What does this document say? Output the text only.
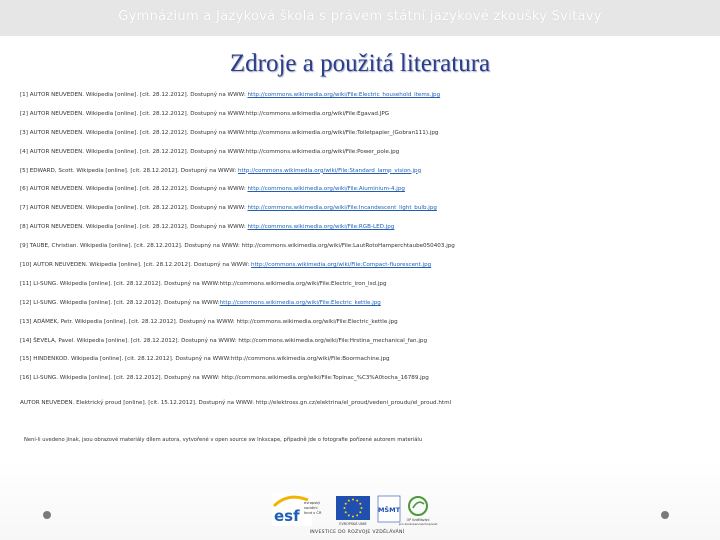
Gymnázium a Jazyková škola s právem státní jazykové zkoušky Svitavy
Zdroje a použitá literatura
[1] AUTOR NEUVEDEN. Wikipedia [online]. [cit. 28.12.2012]. Dostupný na WWW: http://commons.wikimedia.org/wiki/File:Electric_household_items.jpg
[2] AUTOR NEUVEDEN. Wikipedia [online]. [cit. 28.12.2012]. Dostupný na WWW:http://commons.wikimedia.org/wiki/File:Egavad.JPG
[3] AUTOR NEUVEDEN. Wikipedia [online]. [cit. 28.12.2012]. Dostupný na WWW:http://commons.wikimedia.org/wiki/File:Toiletpapier_(Gobran111).jpg
[4] AUTOR NEUVEDEN. Wikipedia [online]. [cit. 28.12.2012]. Dostupný na WWW:http://commons.wikimedia.org/wiki/File:Power_pole.jpg
[5] EDWARD, Scott. Wikipedia [online]. [cit. 28.12.2012]. Dostupný na WWW: http://commons.wikimedia.org/wiki/File:Standard_lamp_vision.jpg
[6] AUTOR NEUVEDEN. Wikipedia [online]. [cit. 28.12.2012]. Dostupný na WWW: http://commons.wikimedia.org/wiki/File:Aluminium-4.jpg
[7] AUTOR NEUVEDEN. Wikipedia [online]. [cit. 28.12.2012]. Dostupný na WWW: http://commons.wikimedia.org/wiki/File:Incandescent_light_bulb.jpg
[8] AUTOR NEUVEDEN. Wikipedia [online]. [cit. 28.12.2012]. Dostupný na WWW: http://commons.wikimedia.org/wiki/File:RGB-LED.jpg
[9] TAUBE, Christian. Wikipedia [online]. [cit. 28.12.2012]. Dostupný na WWW: http://commons.wikimedia.org/wiki/File:LautRotoHamperchtaube050403.jpg
[10] AUTOR NEUVEDEN. Wikipedia [online]. [cit. 28.12.2012]. Dostupný na WWW: http://commons.wikimedia.org/wiki/File:Compact-fluorescent.jpg
[11] LI-SUNG. Wikipedia [online]. [cit. 28.12.2012]. Dostupný na WWW:http://commons.wikimedia.org/wiki/File:Electric_iron_lsd.jpg
[12] LI-SUNG. Wikipedia [online]. [cit. 28.12.2012]. Dostupný na WWW:http://commons.wikimedia.org/wiki/File:Electric_kettle.jpg
[13] ADÁMEK, Petr. Wikipedia [online]. [cit. 28.12.2012]. Dostupný na WWW: http://commons.wikimedia.org/wiki/File:Electric_kettle.jpg
[14] ŠEVELA, Pavel. Wikipedia [online]. [cit. 28.12.2012]. Dostupný na WWW: http://commons.wikimedia.org/wiki/File:Hrstina_mechanical_fan.jpg
[15] HINDENKOD. Wikipedia [online]. [cit. 28.12.2012]. Dostupný na WWW:http://commons.wikimedia.org/wiki/File:Boormachine.jpg
[16] LI-SUNG. Wikipedia [online]. [cit. 28.12.2012]. Dostupný na WWW: http://commons.wikimedia.org/wiki/File:Topinac_%C3%A0tocha_16789.jpg
AUTOR NEUVEDEN. Elektrický proud [online]. [cit. 15.12.2012]. Dostupný na WWW: http://elektross.gn.cz/elektrina/el_proud/vedeni_proudu/el_proud.html
Není-li uvedeno jinak, jsou obrazové materiály dílem autora, vytvořené v open source sw Inkscape, případně jde o fotografie pořízené autorem materiálu
esf
evropský
sociální
fond v ČR
EVROPSKÁ UNIE
MŠMT
OP Vzdělávání
pro konkurenceschopnost
INVESTICE DO ROZVOJE VZDĚLÁVÁNÍ
